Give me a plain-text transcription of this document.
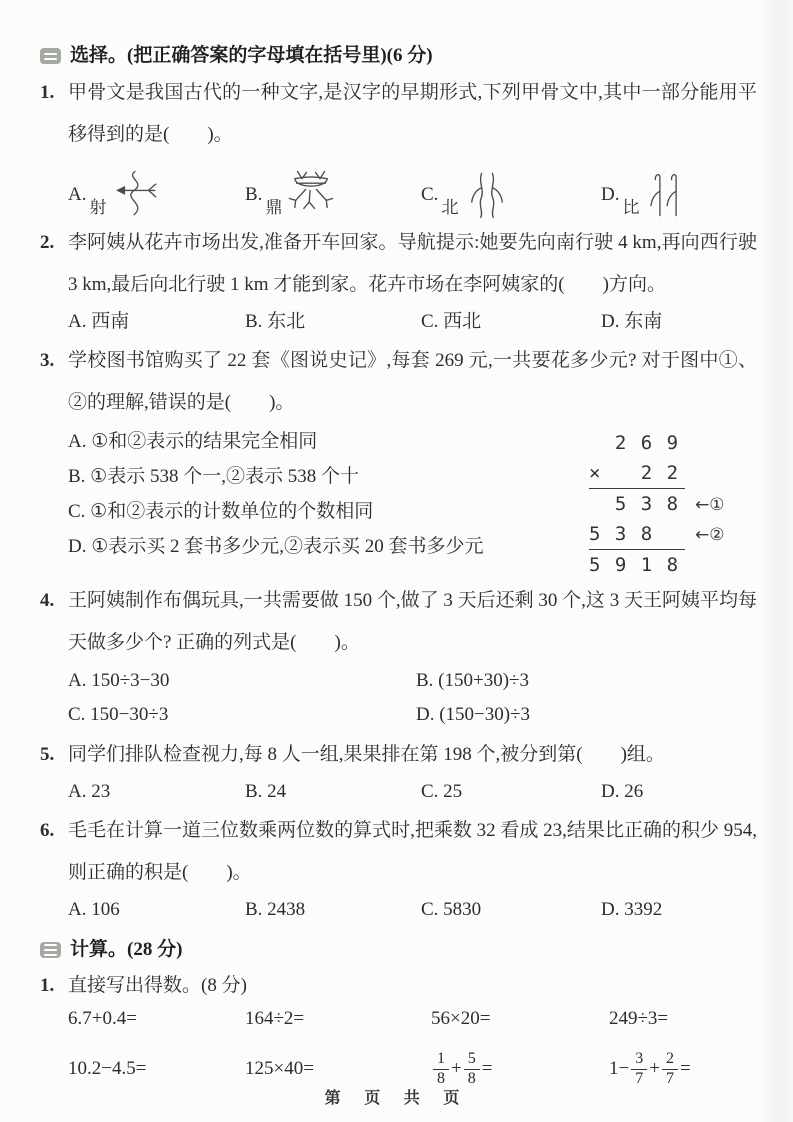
选择。 (把正确答案的字母填在括号里)(6 分)
1. 甲骨文是我国古代的一种文字,是汉字的早期形式,下列甲骨文中,其中一部分能用平移得到的是(　　)。
A.
射
B.
鼎
C.
北
D.
比
2. 李阿姨从花卉市场出发,准备开车回家。导航提示:她要先向南行驶 4 km,再向西行驶 3 km,最后向北行驶 1 km 才能到家。花卉市场在李阿姨家的(　　)方向。
A. 西南	B. 东北	C. 西北	D. 东南
3. 学校图书馆购买了 22 套《图说史记》,每套 269 元,一共要花多少元? 对于图中①、②的理解,错误的是(　　)。
A. ①和②表示的结果完全相同
B. ①表示 538 个一,②表示 538 个十
C. ①和②表示的计数单位的个数相同
D. ①表示买 2 套书多少元,②表示买 20 套书多少元
2 6 9
×   2 2
5 3 8 ←①
5 3 8 ←②
5 9 1 8
4. 王阿姨制作布偶玩具,一共需要做 150 个,做了 3 天后还剩 30 个,这 3 天王阿姨平均每天做多少个? 正确的列式是(　　)。
A. 150÷3−30	B. (150+30)÷3
C. 150−30÷3	D. (150−30)÷3
5. 同学们排队检查视力,每 8 人一组,果果排在第 198 个,被分到第(　　)组。
A. 23	B. 24	C. 25	D. 26
6. 毛毛在计算一道三位数乘两位数的算式时,把乘数 32 看成 23,结果比正确的积少 954,则正确的积是(　　)。
A. 106	B. 2438	C. 5830	D. 3392
计算。 (28 分)
1. 直接写出得数。(8 分)
6.7+0.4=	164÷2=	56×20=	249÷3=
10.2−4.5=	125×40=	$\frac{1}{8} + \frac{5}{8}$ =	$1- \frac{3}{7} + \frac{2}{7}$ =
第 页 共 页
